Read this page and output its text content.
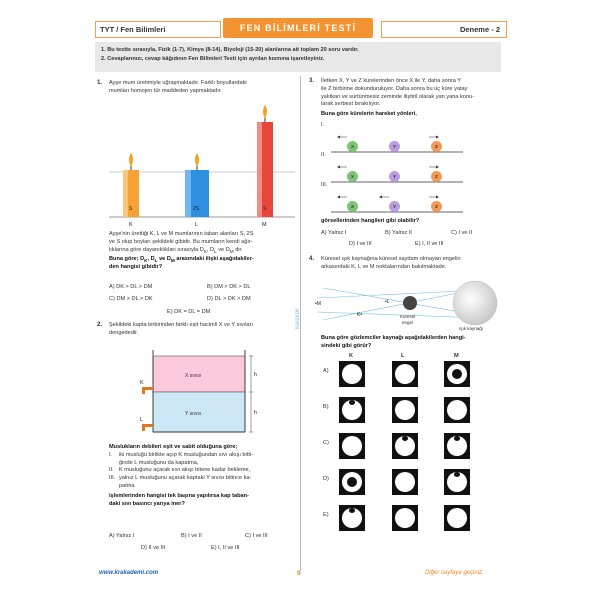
TYT / Fen Bilimleri	FEN BİLİMLERİ TESTİ	Deneme - 2
1. Bu testte sırasıyla, Fizik (1-7), Kimya (8-14), Biyoloji (15-20) alanlarına ait toplam 20 soru vardır.
2. Cevaplarınızı, cevap kâğıdının Fen Bilimleri Testi için ayrılan kısmına işaretleyiniz.
1. Ayşe mum üretimiyle uğraşmaktadır. Farklı boyutlardaki
mumları homojen tür maddeden yapmaktadır.
S	2S	S
K	L	M
Ayşe'nin ürettiği K, L ve M mumlarının taban alanları S, 2S
ve S olup boyları şekildeki gibidir. Bu mumların kendi ağır-
lıklarına göre dayanıklıkları sırasıyla $D_K$, $D_L$ ve $D_M$ dir.
Buna göre; $D_K$, $D_L$ ve $D_M$ arasındaki ilişki aşağıdakiler-
den hangisi gibidir?
A) DK > DL > DM	B) DM > DK > DL
C) DM > DL > DK	D) DL > DK > DM
E) DK = DL = DM
2. Şekildeki kapta birbirinden farklı eşit hacimli X ve Y sıvıları
dengededir.
X sıvısı
Y sıvısı
K
L
h
h
Muslukların debileri eşit ve sabit olduğuna göre;
I.	iki musluğu birlikte açıp K musluğundan sıvı akışı bitti-
ğinde L musluğunu da kapatma,
II. K musluğunu açarak sıvı akışı bitene kadar bekleme,
III. yalnız L musluğunu açarak kaptaki Y sıvısı bitince ka-
patma
işlemlerinden hangisi tek başına yapılırsa kap taban-
daki sıvı basıncı yarıya iner?
A) Yalnız I	B) I ve II	C) I ve III
D) II ve III	E) I, II ve III
3. İletken X, Y ve Z kürelerinden önce X ile Y, daha sonra Y
ile Z birbirine dokunduruluyor. Daha sonra bu üç küre yatay
yalıtkan ve sürtünmesiz zeminde iliştiril olarak yan yana konu-
larak serbest bırakılıyor.
Buna göre kürelerin hareket yönleri,
I.
II.
III.
X	Y	Z
X	Y	Z
X	Y	Z
görsellerinden hangileri gibi olabilir?
A) Yalnız I	B) Yalnız II	C) I ve II
D) I ve III	E) I, II ve III
4. Küresel ışık kaynağına küresel saydam olmayan engelin
arkasındaki K, L ve M noktalarından bakılmaktadır.
•M
K•
•L
Küresel
engel
Işık kaynağı
Buna göre gözlemciler kaynağı aşağıdakilerden hangi-
sindeki gibi görür?
K	L	M
A)
B)
C)
D)
E)
karekök
www.krakademi.com	9	Diğer sayfaya geçiniz.
